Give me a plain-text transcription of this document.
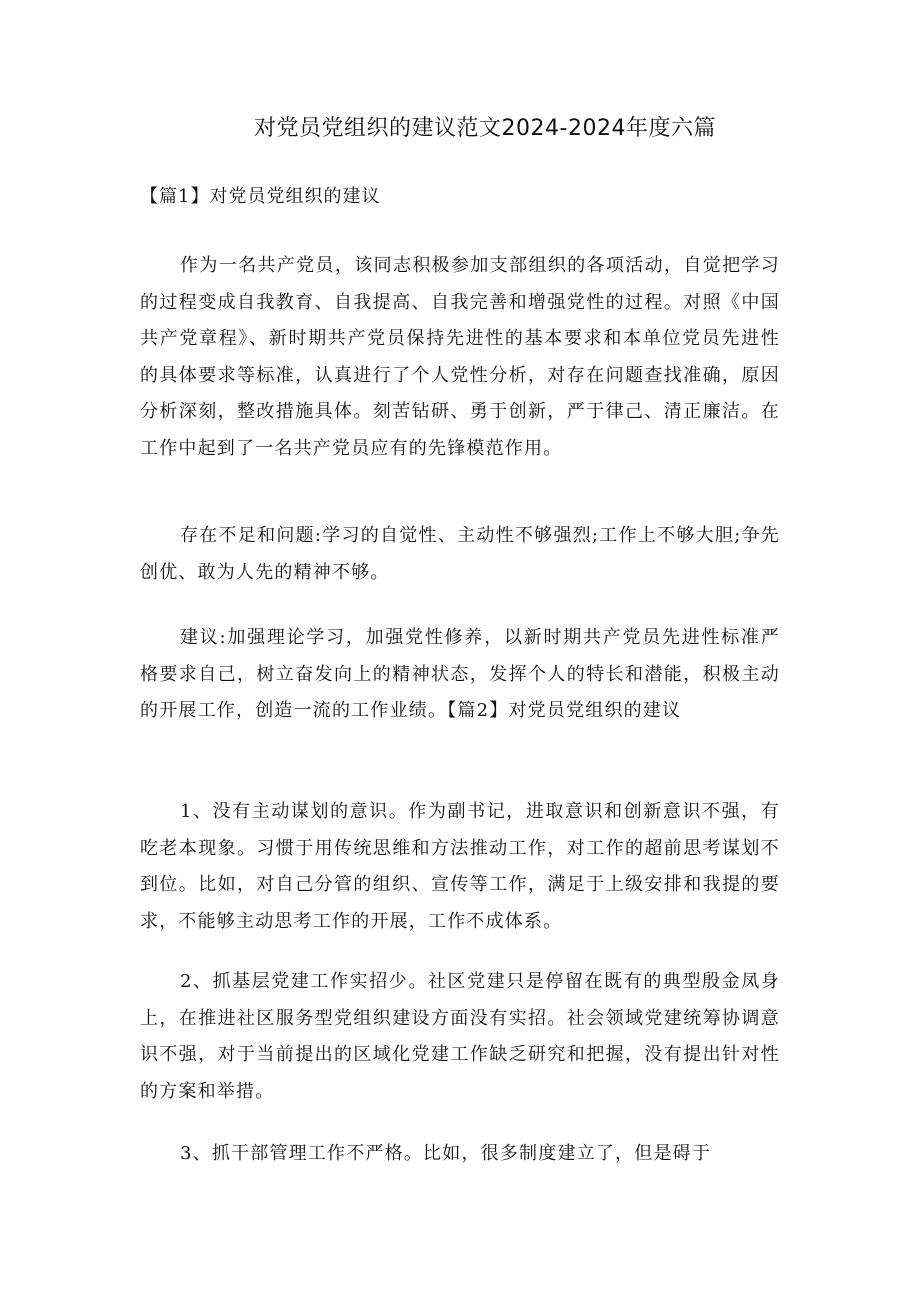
对党员党组织的建议范文2024-2024年度六篇
【篇1】对党员党组织的建议

作为一名共产党员，该同志积极参加支部组织的各项活动，自觉把学习的过程变成自我教育、自我提高、自我完善和增强党性的过程。对照《中国共产党章程》、新时期共产党员保持先进性的基本要求和本单位党员先进性的具体要求等标准，认真进行了个人党性分析，对存在问题查找准确，原因分析深刻，整改措施具体。刻苦钻研、勇于创新，严于律己、清正廉洁。在工作中起到了一名共产党员应有的先锋模范作用。

存在不足和问题:学习的自觉性、主动性不够强烈;工作上不够大胆;争先创优、敢为人先的精神不够。

建议:加强理论学习，加强党性修养，以新时期共产党员先进性标准严格要求自己，树立奋发向上的精神状态，发挥个人的特长和潜能，积极主动的开展工作，创造一流的工作业绩。【篇2】对党员党组织的建议

1、没有主动谋划的意识。作为副书记，进取意识和创新意识不强，有吃老本现象。习惯于用传统思维和方法推动工作，对工作的超前思考谋划不到位。比如，对自己分管的组织、宣传等工作，满足于上级安排和我提的要求，不能够主动思考工作的开展，工作不成体系。

2、抓基层党建工作实招少。社区党建只是停留在既有的典型殷金凤身上，在推进社区服务型党组织建设方面没有实招。社会领域党建统筹协调意识不强，对于当前提出的区域化党建工作缺乏研究和把握，没有提出针对性的方案和举措。

3、抓干部管理工作不严格。比如，很多制度建立了，但是碍于
